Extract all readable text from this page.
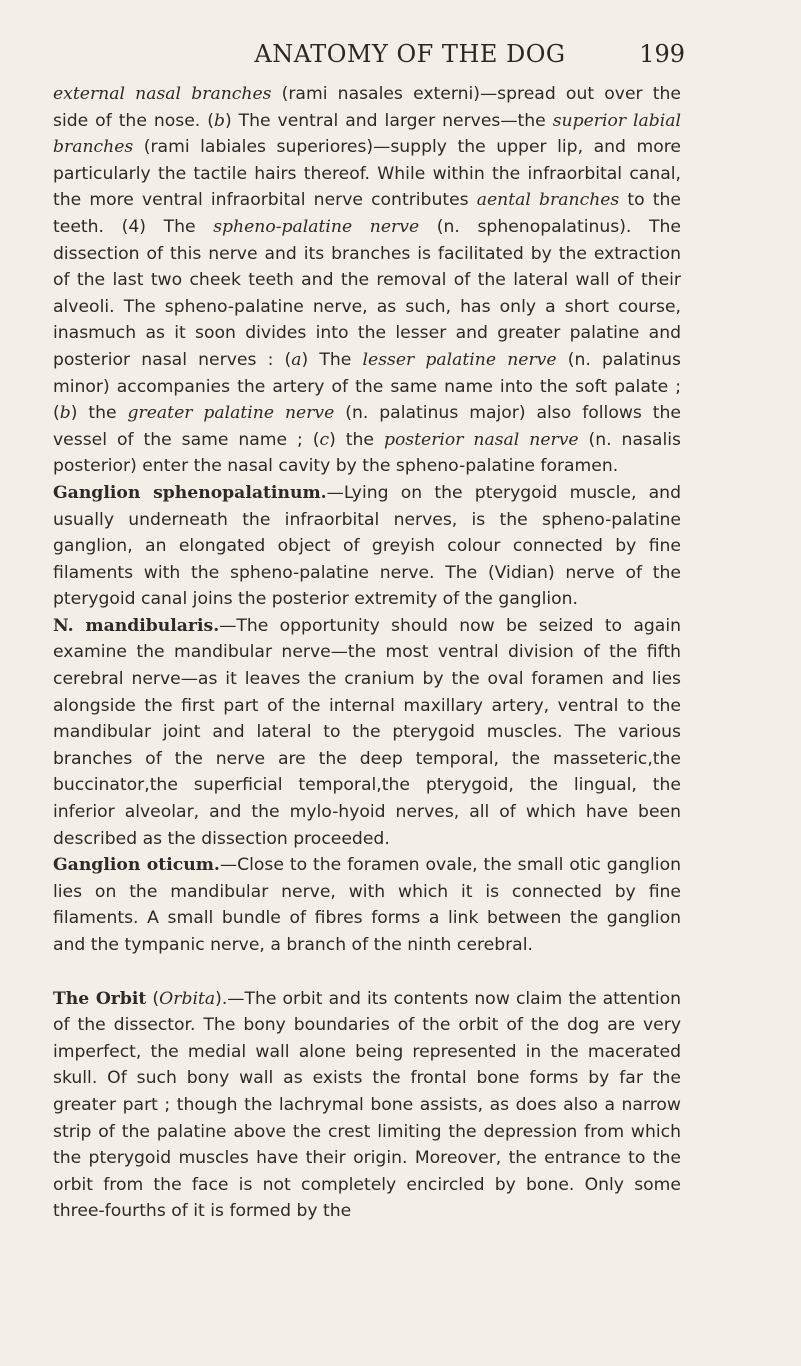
ANATOMY OF THE DOG	199

external nasal branches (rami nasales externi)—spread out over the side of the nose. (b) The ventral and larger nerves—the superior labial branches (rami labiales superiores)—supply the upper lip, and more particularly the tactile hairs thereof. While within the infraorbital canal, the more ventral infraorbital nerve contributes aental branches to the teeth. (4) The spheno-palatine nerve (n. sphenopalatinus). The dissection of this nerve and its branches is facilitated by the extraction of the last two cheek teeth and the removal of the lateral wall of their alveoli. The spheno-palatine nerve, as such, has only a short course, inasmuch as it soon divides into the lesser and greater palatine and posterior nasal nerves : (a) The lesser palatine nerve (n. palatinus minor) accompanies the artery of the same name into the soft palate ; (b) the greater palatine nerve (n. palatinus major) also follows the vessel of the same name ; (c) the posterior nasal nerve (n. nasalis posterior) enter the nasal cavity by the spheno-palatine foramen.

Ganglion sphenopalatinum.—Lying on the pterygoid muscle, and usually underneath the infraorbital nerves, is the spheno-palatine ganglion, an elongated object of greyish colour connected by fine filaments with the spheno-palatine nerve. The (Vidian) nerve of the pterygoid canal joins the posterior extremity of the ganglion.

N. mandibularis.—The opportunity should now be seized to again examine the mandibular nerve—the most ventral division of the fifth cerebral nerve—as it leaves the cranium by the oval foramen and lies alongside the first part of the internal maxillary artery, ventral to the mandibular joint and lateral to the pterygoid muscles. The various branches of the nerve are the deep temporal, the masseteric,the buccinator,the superficial temporal,the pterygoid, the lingual, the inferior alveolar, and the mylo-hyoid nerves, all of which have been described as the dissection proceeded.

Ganglion oticum.—Close to the foramen ovale, the small otic ganglion lies on the mandibular nerve, with which it is connected by fine filaments. A small bundle of fibres forms a link between the ganglion and the tympanic nerve, a branch of the ninth cerebral.

The Orbit (Orbita).—The orbit and its contents now claim the attention of the dissector. The bony boundaries of the orbit of the dog are very imperfect, the medial wall alone being represented in the macerated skull. Of such bony wall as exists the frontal bone forms by far the greater part ; though the lachrymal bone assists, as does also a narrow strip of the palatine above the crest limiting the depression from which the pterygoid muscles have their origin. Moreover, the entrance to the orbit from the face is not completely encircled by bone. Only some three-fourths of it is formed by the
